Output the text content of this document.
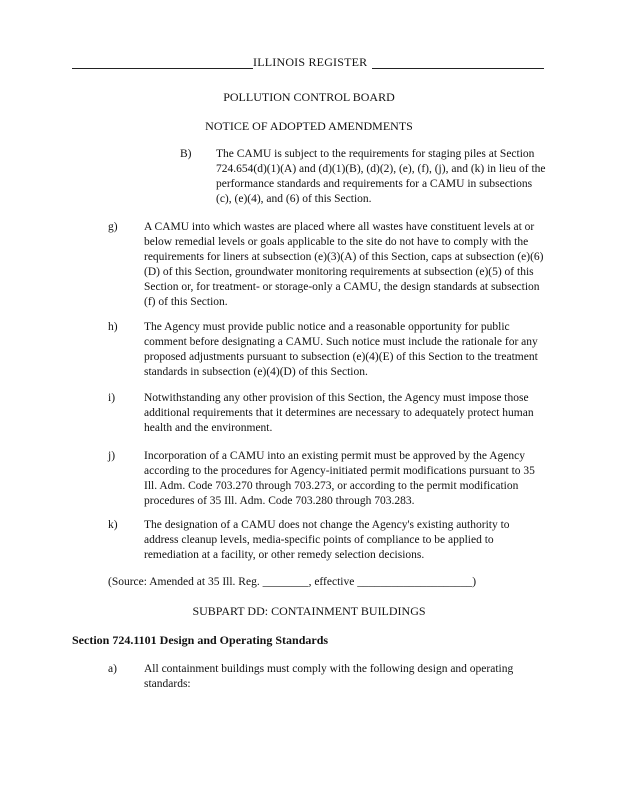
ILLINOIS REGISTER
POLLUTION CONTROL BOARD
NOTICE OF ADOPTED AMENDMENTS
B) The CAMU is subject to the requirements for staging piles at Section 724.654(d)(1)(A) and (d)(1)(B), (d)(2), (e), (f), (j), and (k) in lieu of the performance standards and requirements for a CAMU in subsections (c), (e)(4), and (6) of this Section.
g) A CAMU into which wastes are placed where all wastes have constituent levels at or below remedial levels or goals applicable to the site do not have to comply with the requirements for liners at subsection (e)(3)(A) of this Section, caps at subsection (e)(6)(D) of this Section, groundwater monitoring requirements at subsection (e)(5) of this Section or, for treatment- or storage-only a CAMU, the design standards at subsection (f) of this Section.
h) The Agency must provide public notice and a reasonable opportunity for public comment before designating a CAMU. Such notice must include the rationale for any proposed adjustments pursuant to subsection (e)(4)(E) of this Section to the treatment standards in subsection (e)(4)(D) of this Section.
i)	Notwithstanding any other provision of this Section, the Agency must impose those additional requirements that it determines are necessary to adequately protect human health and the environment.
j)	Incorporation of a CAMU into an existing permit must be approved by the Agency according to the procedures for Agency-initiated permit modifications pursuant to 35 Ill. Adm. Code 703.270 through 703.273, or according to the permit modification procedures of 35 Ill. Adm. Code 703.280 through 703.283.
k) The designation of a CAMU does not change the Agency's existing authority to address cleanup levels, media-specific points of compliance to be applied to remediation at a facility, or other remedy selection decisions.
(Source: Amended at 35 Ill. Reg. ________, effective ____________________)
SUBPART DD: CONTAINMENT BUILDINGS
Section 724.1101 Design and Operating Standards
a) All containment buildings must comply with the following design and operating standards:
